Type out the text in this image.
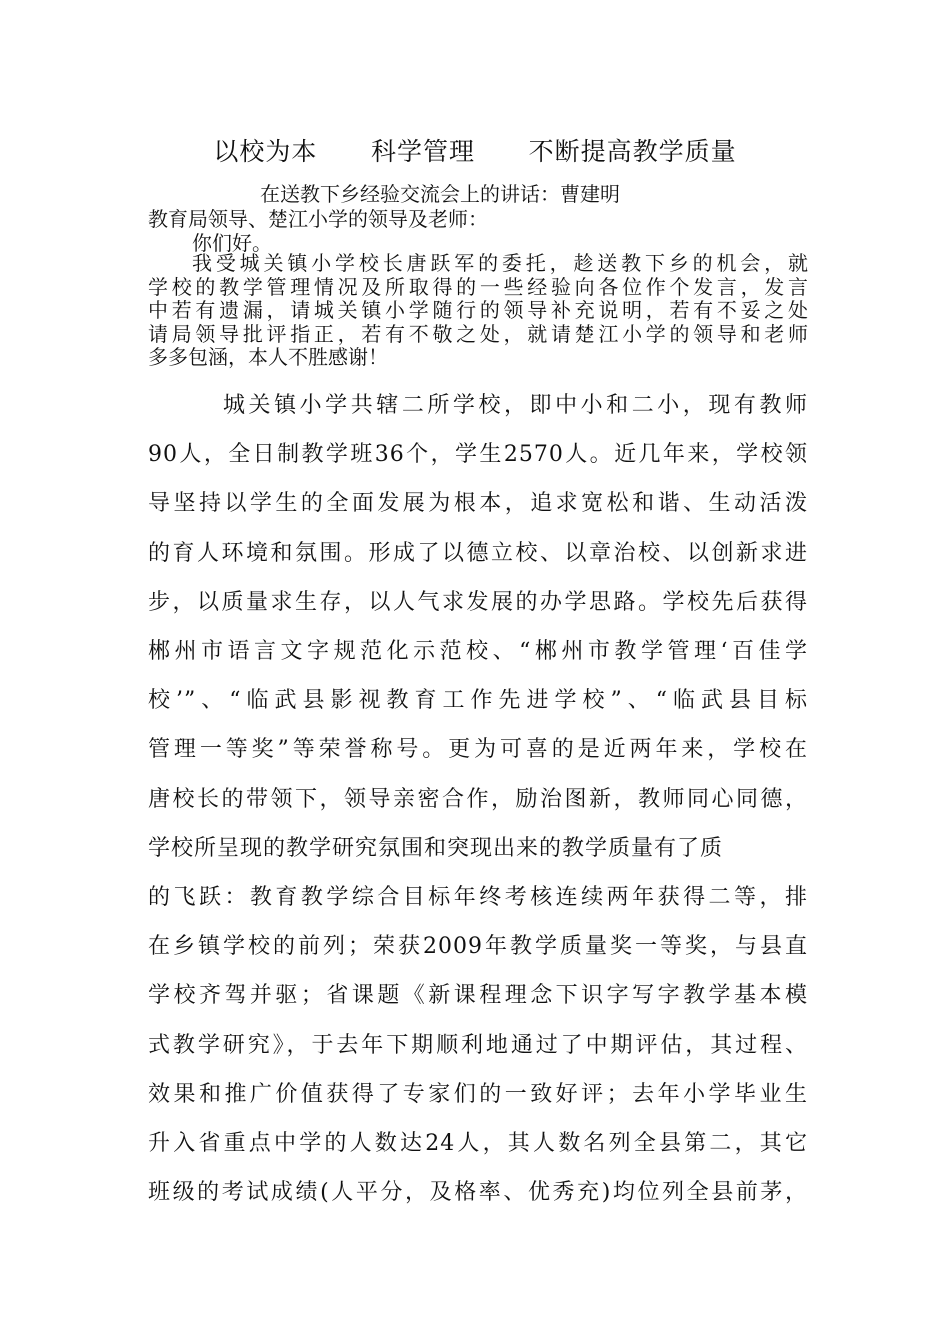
以校为本      科学管理      不断提高教学质量
在送教下乡经验交流会上的讲话：曹建明
教育局领导、楚江小学的领导及老师：
你们好。
我受城关镇小学校长唐跃军的委托，趁送教下乡的机会，就
学校的教学管理情况及所取得的一些经验向各位作个发言，发言
中若有遗漏，请城关镇小学随行的领导补充说明，若有不妥之处
请局领导批评指正，若有不敬之处，就请楚江小学的领导和老师
多多包涵，本人不胜感谢！
城关镇小学共辖二所学校，即中小和二小，现有教师
90人，全日制教学班36个，学生2570人。近几年来，学校领
导坚持以学生的全面发展为根本，追求宽松和谐、生动活泼
的育人环境和氛围。形成了以德立校、以章治校、以创新求进
步，以质量求生存，以人气求发展的办学思路。学校先后获得
郴州市语言文字规范化示范校、“郴州市教学管理‘百佳学
校’”、“临武县影视教育工作先进学校”、“临武县目标
管理一等奖”等荣誉称号。更为可喜的是近两年来，学校在
唐校长的带领下，领导亲密合作，励治图新，教师同心同德，
学校所呈现的教学研究氛围和突现出来的教学质量有了质
的飞跃：教育教学综合目标年终考核连续两年获得二等，排
在乡镇学校的前列；荣获2009年教学质量奖一等奖，与县直
学校齐驾并驱；省课题《新课程理念下识字写字教学基本模
式教学研究》，于去年下期顺利地通过了中期评估，其过程、
效果和推广价值获得了专家们的一致好评；去年小学毕业生
升入省重点中学的人数达24人，其人数名列全县第二，其它
班级的考试成绩(人平分，及格率、优秀充)均位列全县前茅，
